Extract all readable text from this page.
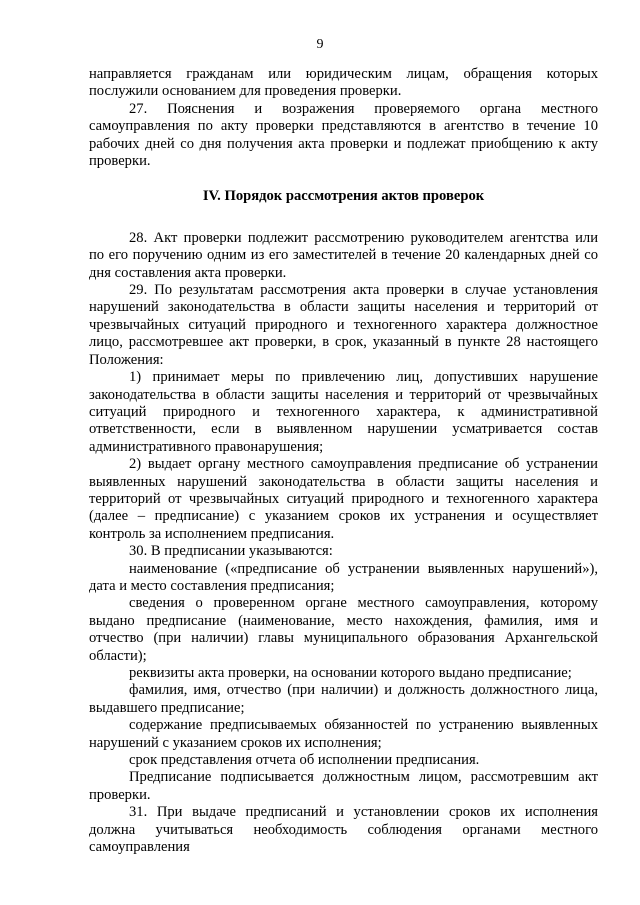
9

направляется гражданам или юридическим лицам, обращения которых послужили основанием для проведения проверки.

27. Пояснения и возражения проверяемого органа местного самоуправления по акту проверки представляются в агентство в течение 10 рабочих дней со дня получения акта проверки и подлежат приобщению к акту проверки.

IV. Порядок рассмотрения актов проверок

28. Акт проверки подлежит рассмотрению руководителем агентства или по его поручению одним из его заместителей в течение 20 календарных дней со дня составления акта проверки.

29. По результатам рассмотрения акта проверки в случае установления нарушений законодательства в области защиты населения и территорий от чрезвычайных ситуаций природного и техногенного характера должностное лицо, рассмотревшее акт проверки, в срок, указанный в пункте 28 настоящего Положения:

1) принимает меры по привлечению лиц, допустивших нарушение законодательства в области защиты населения и территорий от чрезвычайных ситуаций природного и техногенного характера, к административной ответственности, если в выявленном нарушении усматривается состав административного правонарушения;

2) выдает органу местного самоуправления предписание об устранении выявленных нарушений законодательства в области защиты населения и территорий от чрезвычайных ситуаций природного и техногенного характера (далее – предписание) с указанием сроков их устранения и осуществляет контроль за исполнением предписания.

30. В предписании указываются:

наименование («предписание об устранении выявленных нарушений»), дата и место составления предписания;

сведения о проверенном органе местного самоуправления, которому выдано предписание (наименование, место нахождения, фамилия, имя и отчество (при наличии) главы муниципального образования Архангельской области);

реквизиты акта проверки, на основании которого выдано предписание;

фамилия, имя, отчество (при наличии) и должность должностного лица, выдавшего предписание;

содержание предписываемых обязанностей по устранению выявленных нарушений с указанием сроков их исполнения;

срок представления отчета об исполнении предписания.

Предписание подписывается должностным лицом, рассмотревшим акт проверки.

31. При выдаче предписаний и установлении сроков их исполнения должна учитываться необходимость соблюдения органами местного самоуправления
